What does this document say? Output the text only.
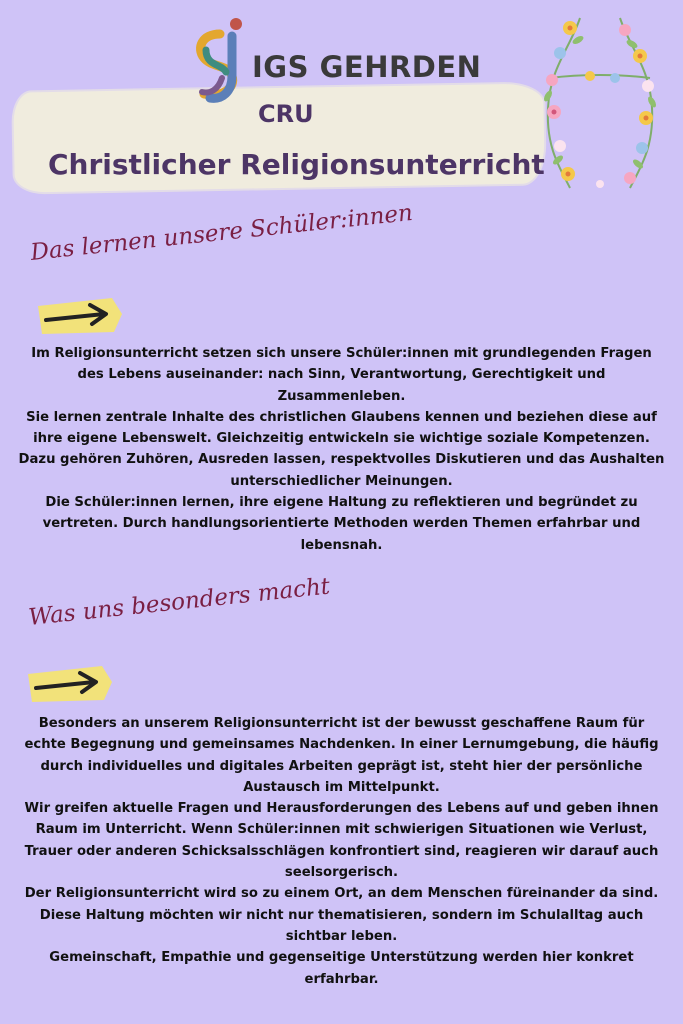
IGS GEHRDEN
CRU
Christlicher Religionsunterricht
Das lernen unsere Schüler:innen

Im Religionsunterricht setzen sich unsere Schüler:innen mit grundlegenden Fragen des Lebens auseinander: nach Sinn, Verantwortung, Gerechtigkeit und Zusammenleben.

Sie lernen zentrale Inhalte des christlichen Glaubens kennen und beziehen diese auf ihre eigene Lebenswelt. Gleichzeitig entwickeln sie wichtige soziale Kompetenzen.

Dazu gehören Zuhören, Ausreden lassen, respektvolles Diskutieren und das Aushalten unterschiedlicher Meinungen.

Die Schüler:innen lernen, ihre eigene Haltung zu reflektieren und begründet zu vertreten. Durch handlungsorientierte Methoden werden Themen erfahrbar und lebensnah.

Was uns besonders macht

Besonders an unserem Religionsunterricht ist der bewusst geschaffene Raum für echte Begegnung und gemeinsames Nachdenken. In einer Lernumgebung, die häufig durch individuelles und digitales Arbeiten geprägt ist, steht hier der persönliche Austausch im Mittelpunkt.

Wir greifen aktuelle Fragen und Herausforderungen des Lebens auf und geben ihnen Raum im Unterricht. Wenn Schüler:innen mit schwierigen Situationen wie Verlust, Trauer oder anderen Schicksalsschlägen konfrontiert sind, reagieren wir darauf auch seelsorgerisch.

Der Religionsunterricht wird so zu einem Ort, an dem Menschen füreinander da sind.

Diese Haltung möchten wir nicht nur thematisieren, sondern im Schulalltag auch sichtbar leben.

Gemeinschaft, Empathie und gegenseitige Unterstützung werden hier konkret erfahrbar.
